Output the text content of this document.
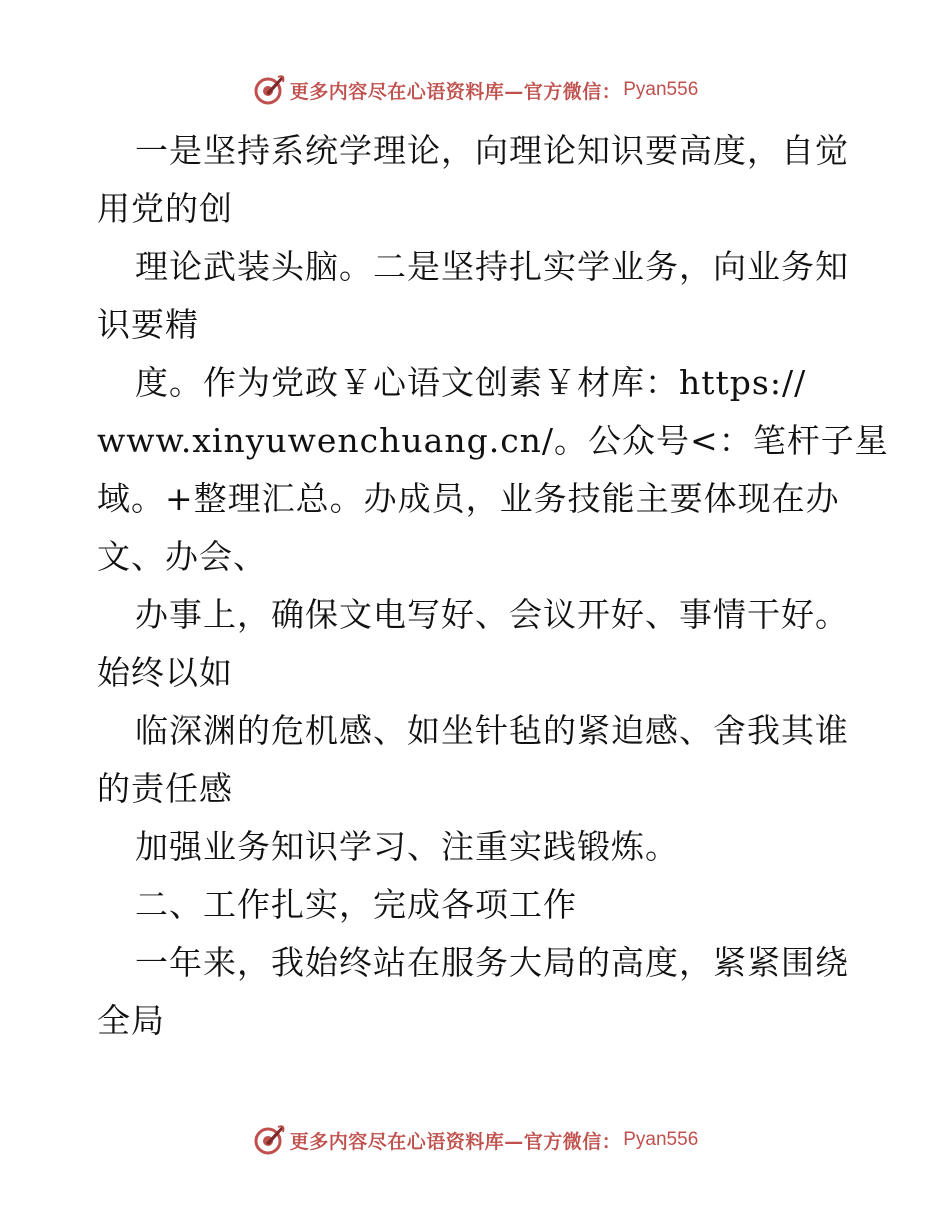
更多内容尽在心语资料库—官方微信： Pyan556
一是坚持系统学理论，向理论知识要高度，自觉
用党的创
理论武装头脑。二是坚持扎实学业务，向业务知
识要精
度。作为党政￥心语文创素￥材库：https://
www.xinyuwenchuang.cn/。公众号<：笔杆子星
域。+整理汇总。办成员，业务技能主要体现在办
文、办会、
办事上，确保文电写好、会议开好、事情干好。
始终以如
临深渊的危机感、如坐针毡的紧迫感、舍我其谁
的责任感
加强业务知识学习、注重实践锻炼。
二、工作扎实，完成各项工作
一年来，我始终站在服务大局的高度，紧紧围绕
全局
更多内容尽在心语资料库—官方微信： Pyan556
